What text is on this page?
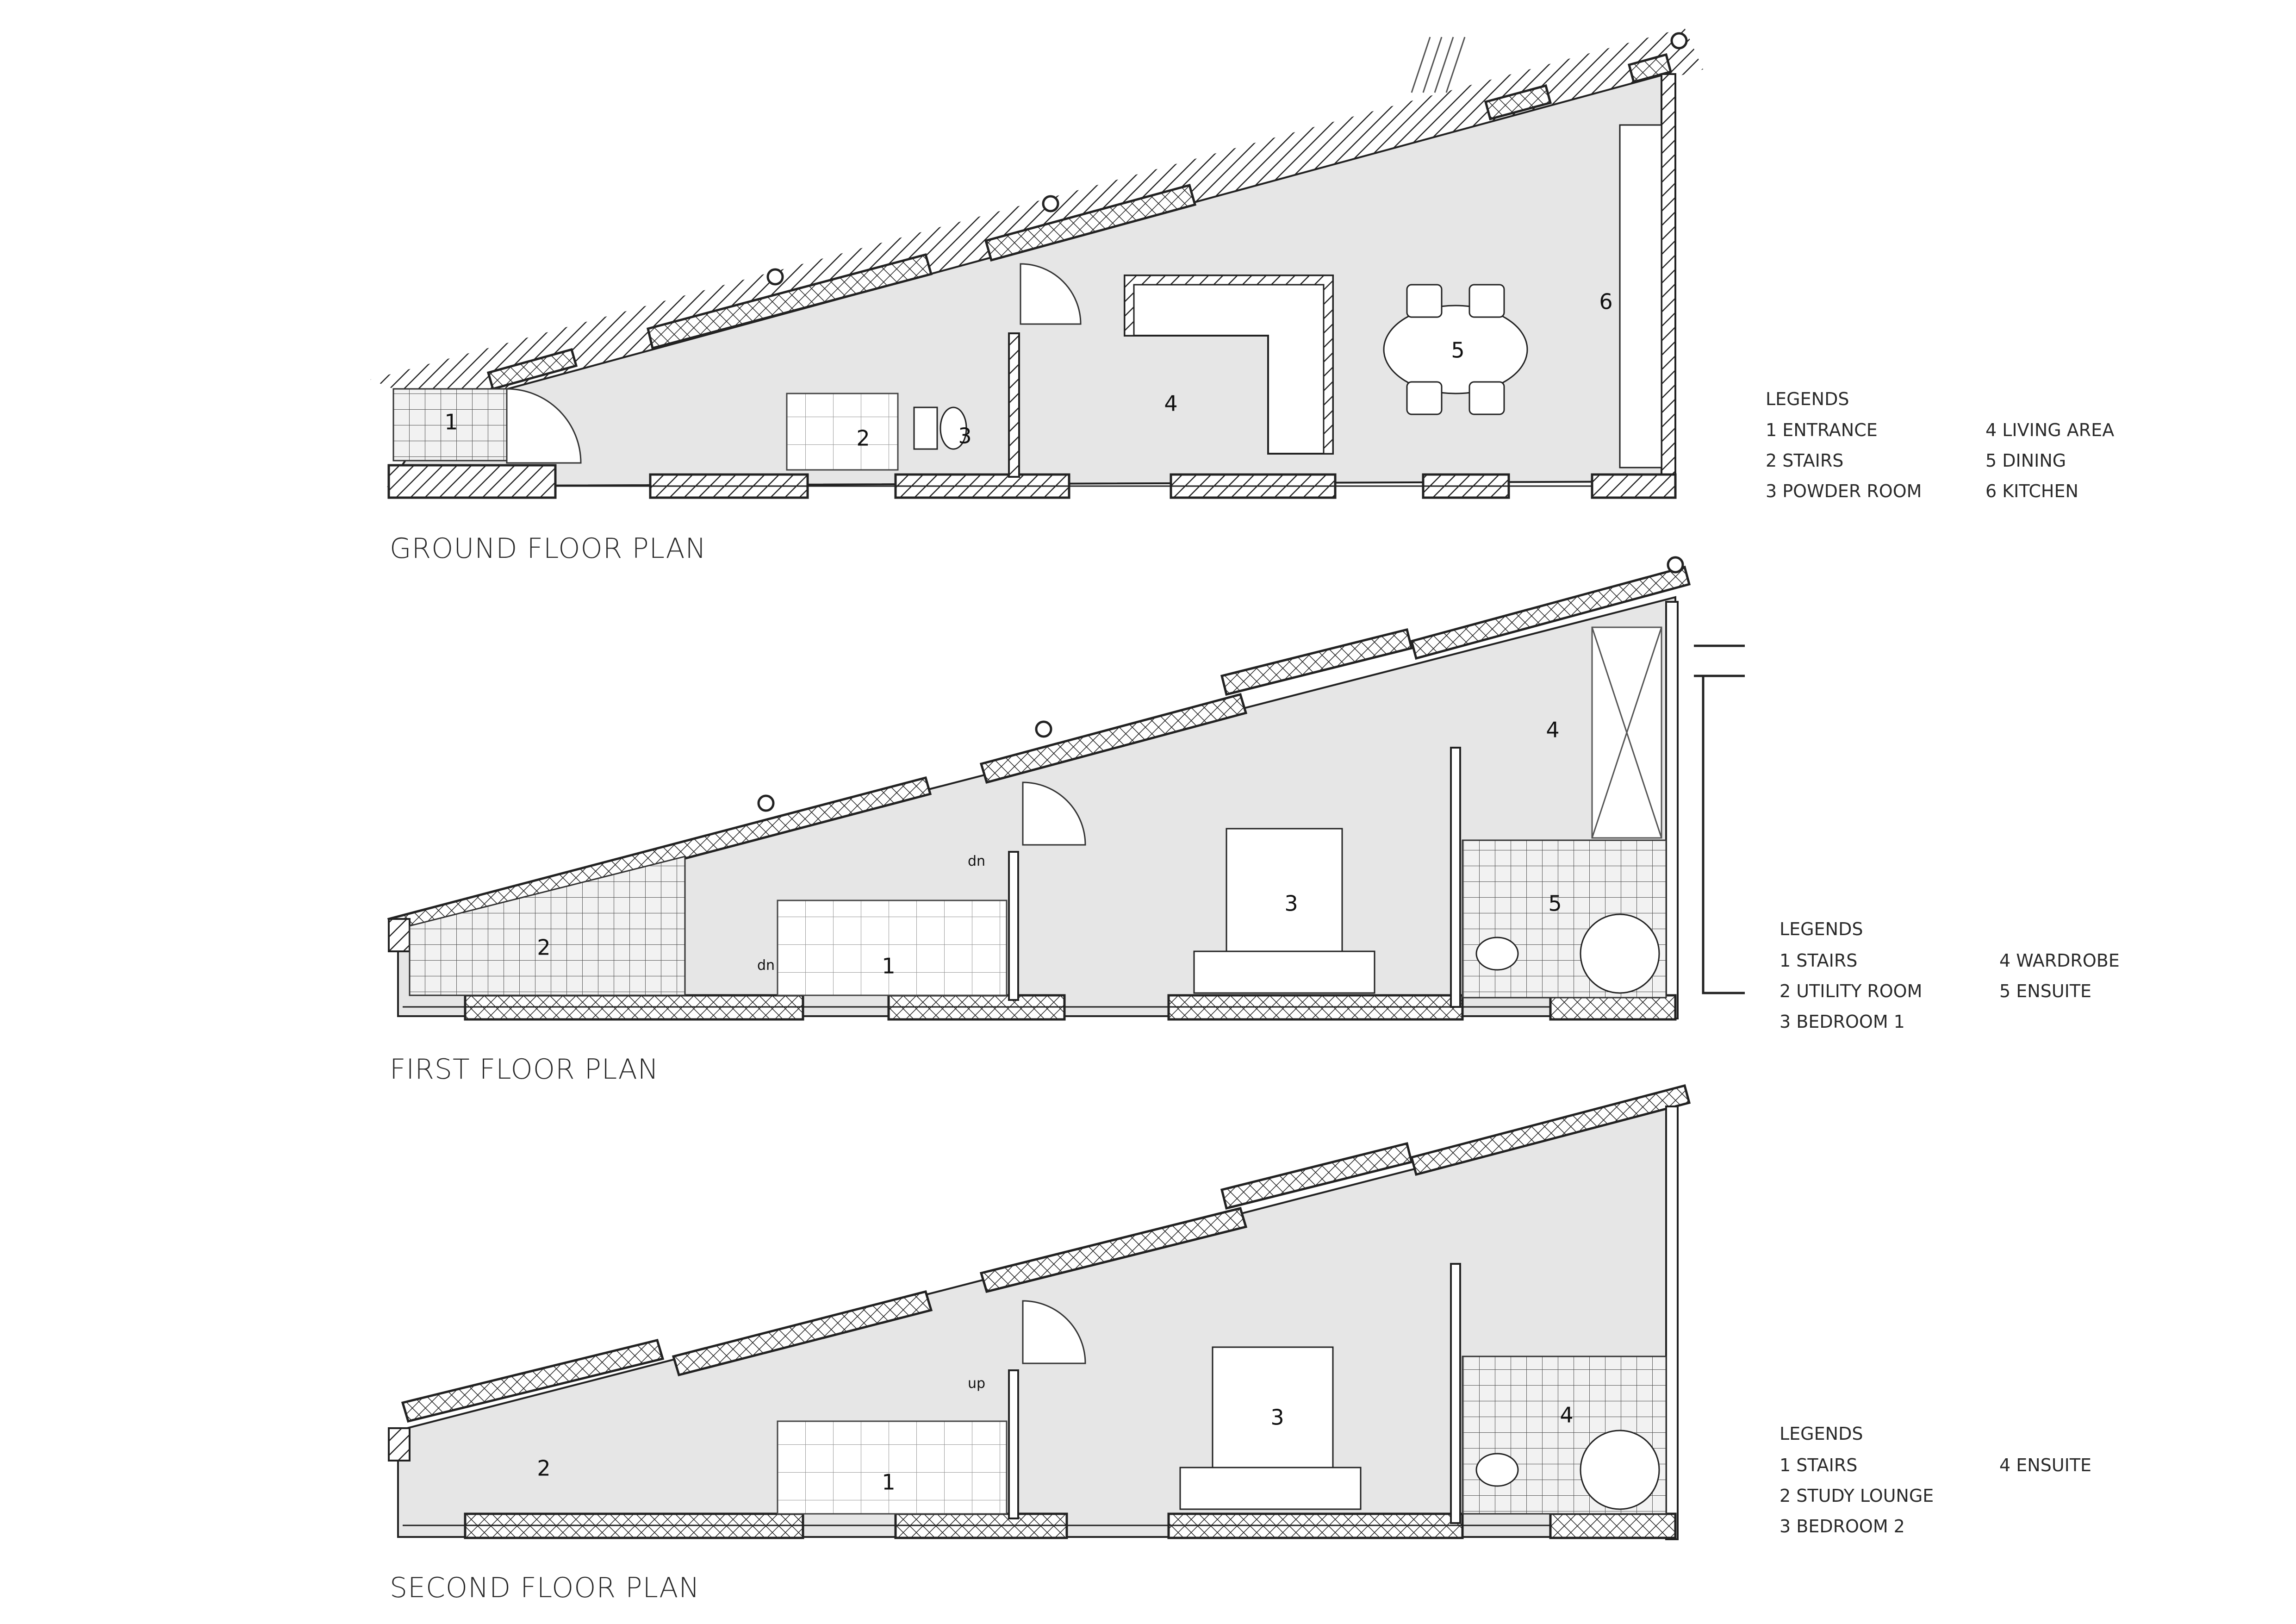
1
2	3
4
5
6
GROUND FLOOR PLAN
LEGENDS
1 ENTRANCE
2 STAIRS
3 POWDER ROOM
4 LIVING AREA
5 DINING
6 KITCHEN
1
2
3
4
5
dn
dn
FIRST FLOOR PLAN
LEGENDS
1 STAIRS
2 UTILITY ROOM
3 BEDROOM 1
4 WARDROBE
5 ENSUITE
1
2
3	4
up
SECOND FLOOR PLAN
LEGENDS
1 STAIRS
2 STUDY LOUNGE
3 BEDROOM 2
4 ENSUITE
